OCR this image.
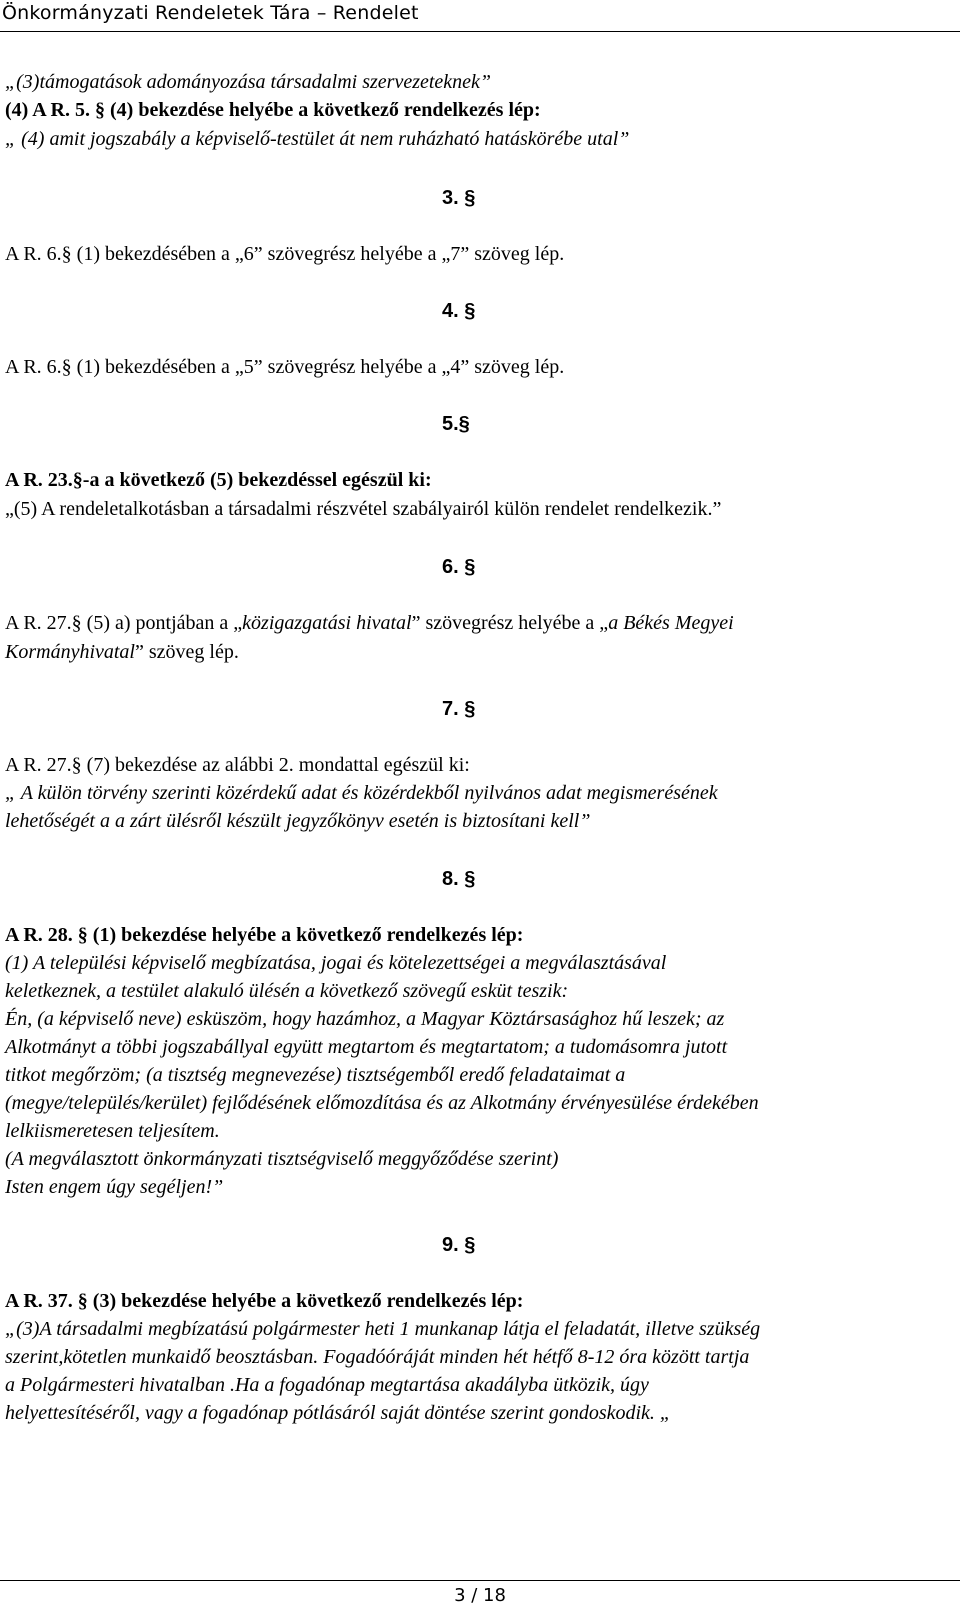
Önkormányzati Rendeletek Tára – Rendelet
„(3)támogatások adományozása társadalmi szervezeteknek”
(4) A R. 5. § (4) bekezdése helyébe a következő rendelkezés lép:
„ (4) amit jogszabály a képviselő-testület át nem ruházható hatáskörébe utal”
3. §
A R. 6.§ (1) bekezdésében a „6” szövegrész helyébe a „7” szöveg lép.
4. §
A R. 6.§ (1) bekezdésében a „5” szövegrész helyébe a „4” szöveg lép.
5.§
A R. 23.§-a a következő (5) bekezdéssel egészül ki:
„(5) A rendeletalkotásban a társadalmi részvétel szabályairól külön rendelet rendelkezik.”
6. §
A R. 27.§ (5) a) pontjában a „közigazgatási hivatal” szövegrész helyébe a „a Békés Megyei
Kormányhivatal” szöveg lép.
7. §
A R. 27.§ (7) bekezdése az alábbi 2. mondattal egészül ki:
„ A külön törvény szerinti közérdekű adat és közérdekből nyilvános adat megismerésének
lehetőségét a a zárt ülésről készült jegyzőkönyv esetén is biztosítani kell”
8. §
A R. 28. § (1) bekezdése helyébe a következő rendelkezés lép:
(1) A települési képviselő megbízatása, jogai és kötelezettségei a megválasztásával
keletkeznek, a testület alakuló ülésén a következő szövegű esküt teszik:
Én, (a képviselő neve) esküszöm, hogy hazámhoz, a Magyar Köztársasághoz hű leszek; az
Alkotmányt a többi jogszabállyal együtt megtartom és megtartatom; a tudomásomra jutott
titkot megőrzöm; (a tisztség megnevezése) tisztségemből eredő feladataimat a
(megye/település/kerület) fejlődésének előmozdítása és az Alkotmány érvényesülése érdekében
lelkiismeretesen teljesítem.
(A megválasztott önkormányzati tisztségviselő meggyőződése szerint)
Isten engem úgy segéljen!”
9. §
A R. 37. § (3) bekezdése helyébe a következő rendelkezés lép:
„(3)A társadalmi megbízatású polgármester heti 1 munkanap látja el feladatát, illetve szükség
szerint,kötetlen munkaidő beosztásban. Fogadóóráját minden hét hétfő 8-12 óra között tartja
a Polgármesteri hivatalban .Ha a fogadónap megtartása akadályba ütközik, úgy
helyettesítéséről, vagy a fogadónap pótlásáról saját döntése szerint gondoskodik. „
3 / 18
